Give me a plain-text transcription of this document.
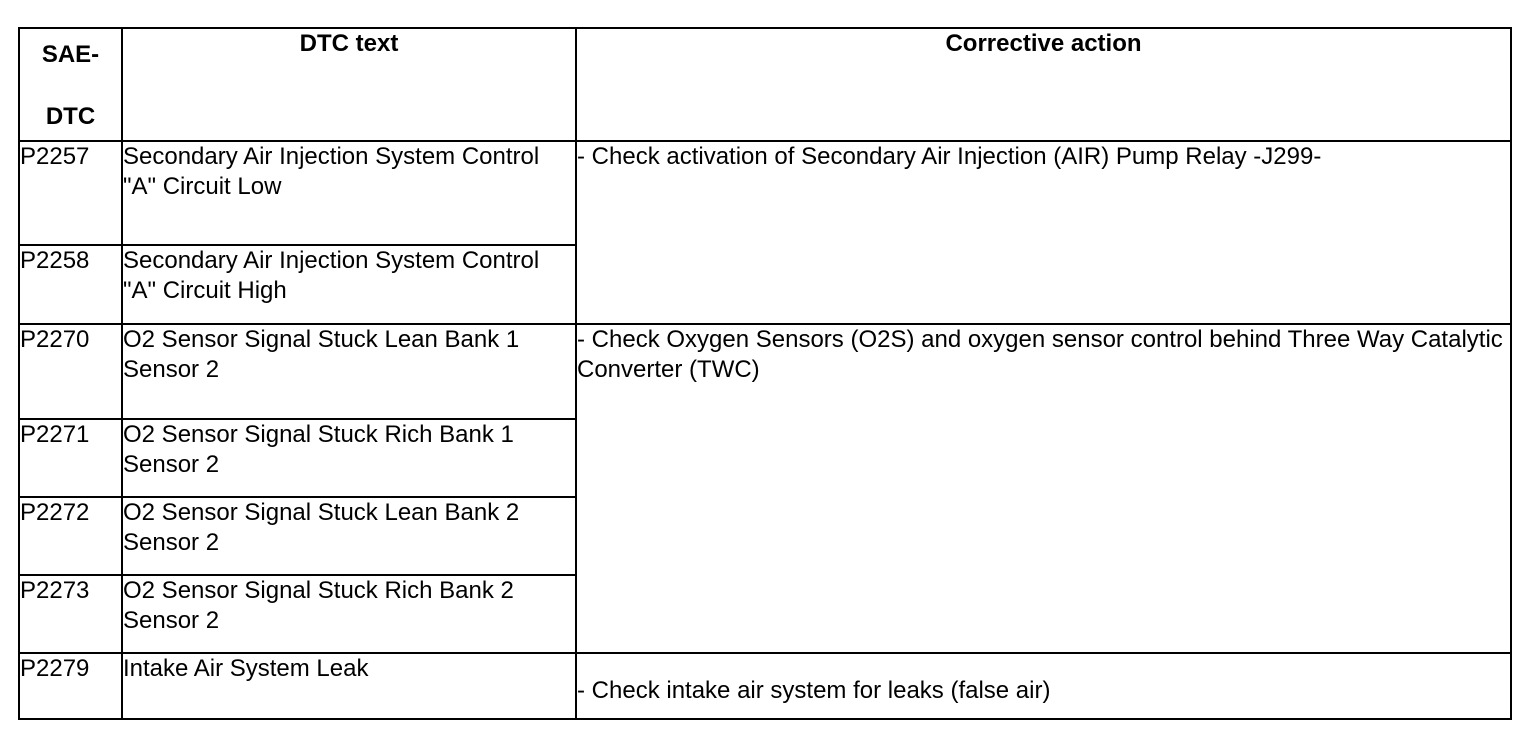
SAE-
DTC	DTC text	Corrective action
P2257	Secondary Air Injection System Control "A" Circuit Low	- Check activation of Secondary Air Injection (AIR) Pump Relay -J299-
P2258	Secondary Air Injection System Control "A" Circuit High	
P2270	O2 Sensor Signal Stuck Lean Bank 1 Sensor 2	- Check Oxygen Sensors (O2S) and oxygen sensor control behind Three Way Catalytic Converter (TWC)
P2271	O2 Sensor Signal Stuck Rich Bank 1 Sensor 2	
P2272	O2 Sensor Signal Stuck Lean Bank 2 Sensor 2	
P2273	O2 Sensor Signal Stuck Rich Bank 2 Sensor 2	
P2279	Intake Air System Leak	- Check intake air system for leaks (false air)
